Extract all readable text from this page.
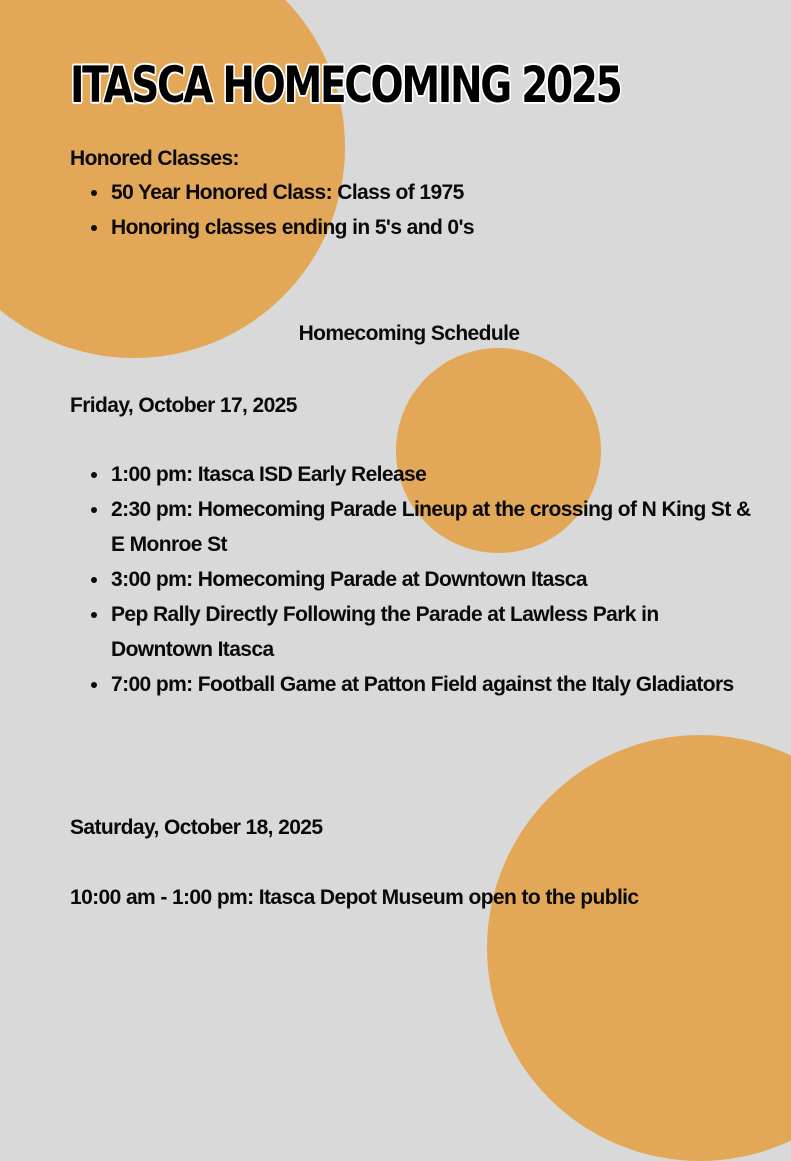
ITASCA HOMECOMING 2025
Honored Classes:
50 Year Honored Class: Class of 1975
Honoring classes ending in 5's and 0's
Homecoming Schedule
Friday, October 17, 2025
1:00 pm: Itasca ISD Early Release
2:30 pm: Homecoming Parade Lineup at the crossing of N King St & E Monroe St
3:00 pm: Homecoming Parade at Downtown Itasca
Pep Rally Directly Following the Parade at Lawless Park in Downtown Itasca
7:00 pm: Football Game at Patton Field against the Italy Gladiators
Saturday, October 18, 2025
10:00 am - 1:00 pm: Itasca Depot Museum open to the public
